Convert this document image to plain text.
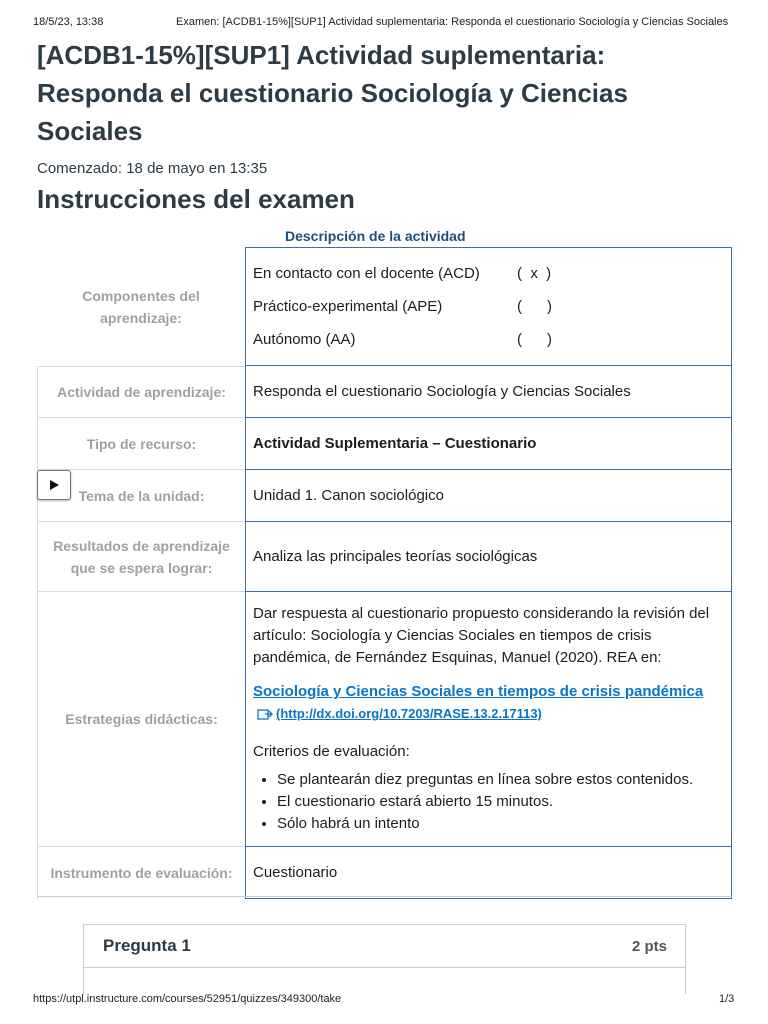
18/5/23, 13:38	Examen: [ACDB1-15%][SUP1] Actividad suplementaria: Responda el cuestionario Sociología y Ciencias Sociales
[ACDB1-15%][SUP1] Actividad suplementaria: Responda el cuestionario Sociología y Ciencias Sociales
Comenzado: 18 de mayo en 13:35
Instrucciones del examen
Descripción de la actividad
Componentes del aprendizaje:
En contacto con el docente (ACD)	(  x  )
Práctico-experimental (APE)	(      )
Autónomo (AA)	(      )
Actividad de aprendizaje:	Responda el cuestionario Sociología y Ciencias Sociales
Tipo de recurso:	Actividad Suplementaria – Cuestionario
Tema de la unidad:	Unidad 1. Canon sociológico
Resultados de aprendizaje que se espera lograr:
Analiza las principales teorías sociológicas
Estrategias didácticas:

Dar respuesta al cuestionario propuesto considerando la revisión del artículo: Sociología y Ciencias Sociales en tiempos de crisis pandémica, de Fernández Esquinas, Manuel (2020). REA en:

Sociología y Ciencias Sociales en tiempos de crisis pandémica

(http://dx.doi.org/10.7203/RASE.13.2.17113)

Criterios de evaluación:

• Se plantearán diez preguntas en línea sobre estos contenidos.
• El cuestionario estará abierto 15 minutos.
• Sólo habrá un intento
Instrumento de evaluación:	Cuestionario
Pregunta 1	2 pts
https://utpl.instructure.com/courses/52951/quizzes/349300/take	1/3
